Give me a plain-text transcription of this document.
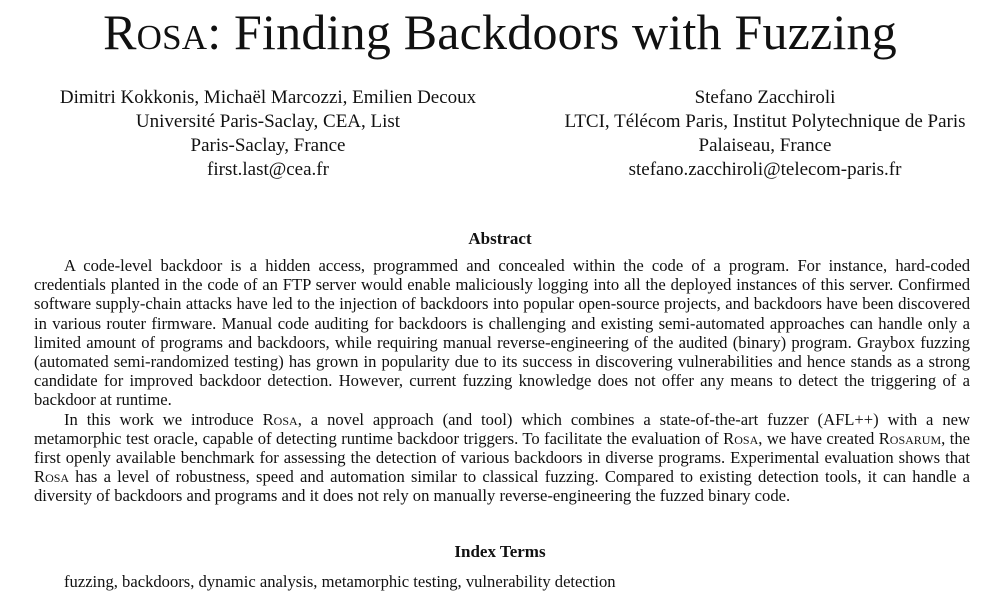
Rosa: Finding Backdoors with Fuzzing
Dimitri Kokkonis, Michaël Marcozzi, Emilien Decoux
Université Paris-Saclay, CEA, List
Paris-Saclay, France
first.last@cea.fr
Stefano Zacchiroli
LTCI, Télécom Paris, Institut Polytechnique de Paris
Palaiseau, France
stefano.zacchiroli@telecom-paris.fr
Abstract

A code-level backdoor is a hidden access, programmed and concealed within the code of a program. For instance, hard-coded credentials planted in the code of an FTP server would enable maliciously logging into all the deployed instances of this server. Confirmed software supply-chain attacks have led to the injection of backdoors into popular open-source projects, and backdoors have been discovered in various router firmware. Manual code auditing for backdoors is challenging and existing semi-automated approaches can handle only a limited amount of programs and backdoors, while requiring manual reverse-engineering of the audited (binary) program. Graybox fuzzing (automated semi-randomized testing) has grown in popularity due to its success in discovering vulnerabilities and hence stands as a strong candidate for improved backdoor detection. However, current fuzzing knowledge does not offer any means to detect the triggering of a backdoor at runtime.

In this work we introduce Rosa, a novel approach (and tool) which combines a state-of-the-art fuzzer (AFL++) with a new metamorphic test oracle, capable of detecting runtime backdoor triggers. To facilitate the evaluation of Rosa, we have created Rosarum, the first openly available benchmark for assessing the detection of various backdoors in diverse programs. Experimental evaluation shows that Rosa has a level of robustness, speed and automation similar to classical fuzzing. Compared to existing detection tools, it can handle a diversity of backdoors and programs and it does not rely on manually reverse-engineering the fuzzed binary code.

Index Terms
fuzzing, backdoors, dynamic analysis, metamorphic testing, vulnerability detection
